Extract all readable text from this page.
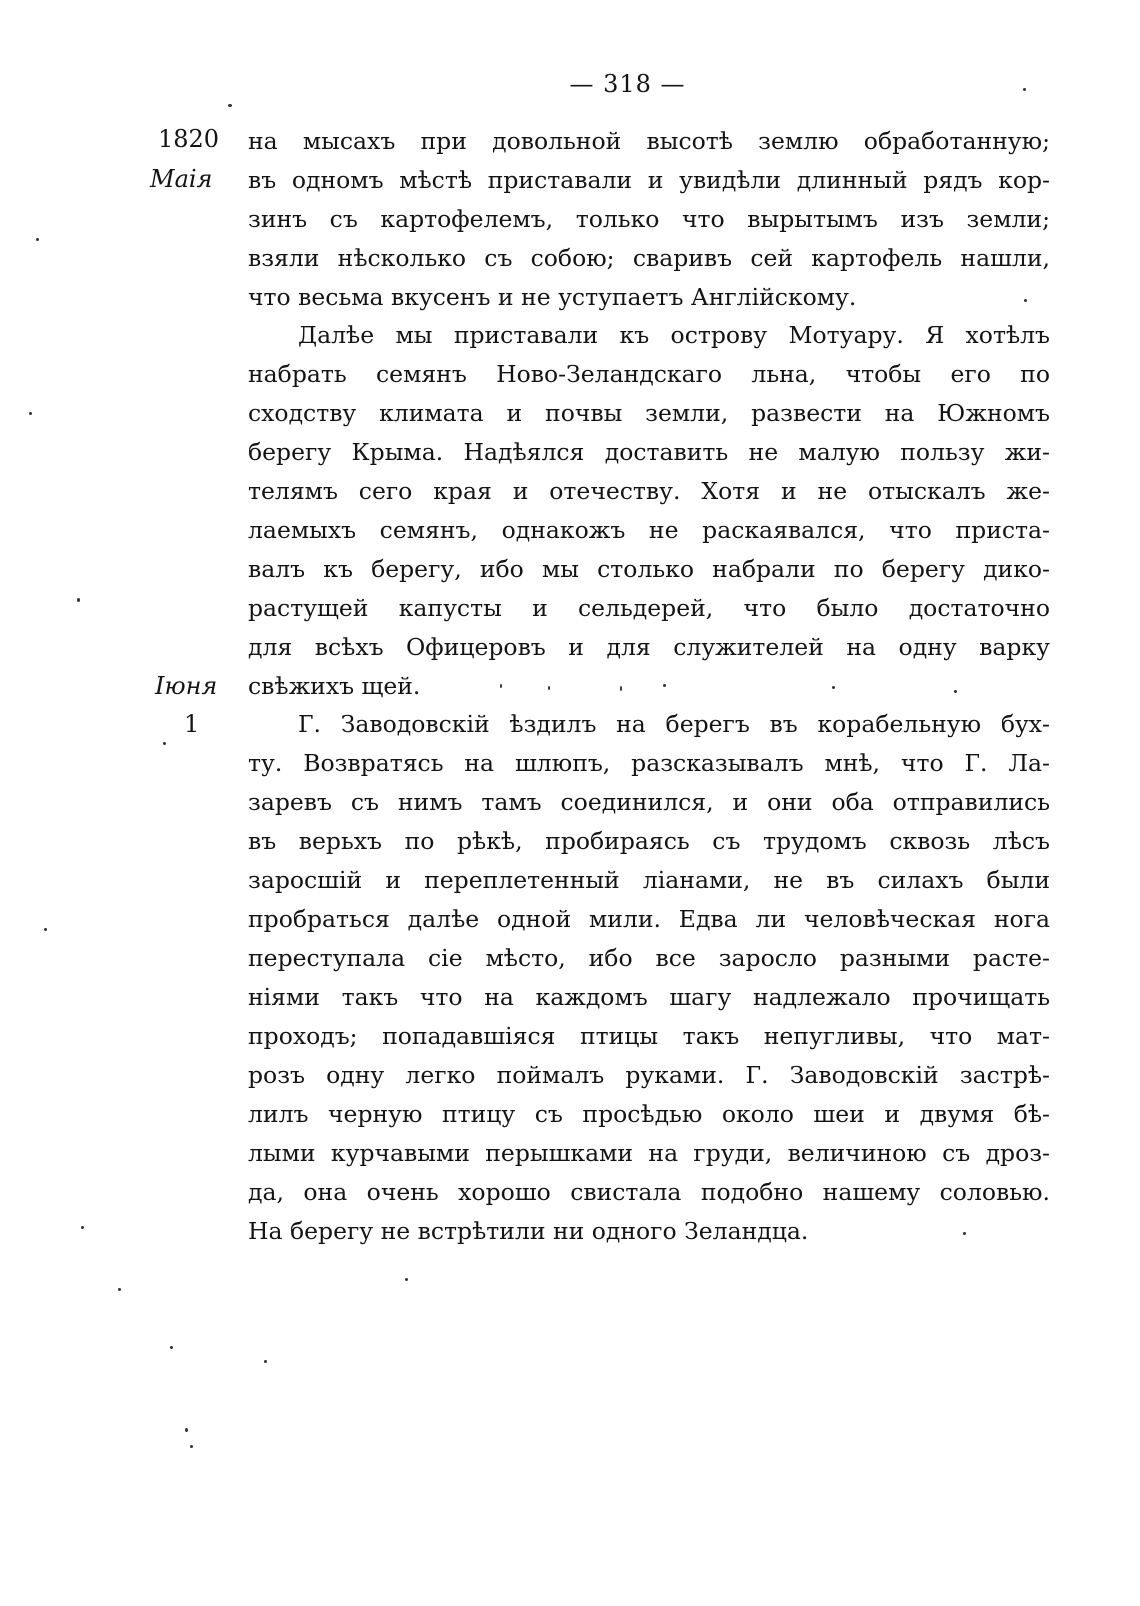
— 318 —
1820
Маія
Іюня
1
на мысахъ при довольной высотѣ землю обработанную;
въ одномъ мѣстѣ приставали и увидѣли длинный рядъ кор-
зинъ съ картофелемъ, только что вырытымъ изъ земли;
взяли нѣсколько съ собою; сваривъ сей картофель нашли,
что весьма вкусенъ и не уступаетъ Англійскому.
Далѣе мы приставали къ острову Мотуару. Я хотѣлъ
набрать семянъ Ново-Зеландскаго льна, чтобы его по
сходству климата и почвы земли, развести на Южномъ
берегу Крыма. Надѣялся доставить не малую пользу жи-
телямъ сего края и отечеству. Хотя и не отыскалъ же-
лаемыхъ семянъ, однакожъ не раскаявался, что пристa-
валъ къ берегу, ибо мы столько набрали по берегу дико-
растущей капусты и сельдерей, что было достаточно
для всѣхъ Офицеровъ и для служителей на одну варку
свѣжихъ щей.
Г. Заводовскій ѣздилъ на берегъ въ корабельную бух-
ту. Возвратясь на шлюпъ, разсказывалъ мнѣ, что Г. Ла-
заревъ съ нимъ тамъ соединился, и они оба отправились
въ верьхъ по рѣкѣ, пробираясь съ трудомъ сквозь лѣсъ
заросшій и переплетенный ліанами, не въ силахъ были
пробраться далѣе одной мили. Едва ли человѣческая нога
переступала сіе мѣсто, ибо все заросло разными расте-
ніями такъ что на каждомъ шагу надлежало прочищать
проходъ; попадавшіяся птицы такъ непугливы, что мат-
розъ одну легко поймалъ руками. Г. Заводовскій застрѣ-
лилъ черную птицу съ просѣдью около шеи и двумя бѣ-
лыми курчавыми перышками на груди, величиною съ дроз-
да, она очень хорошо свистала подобно нашему соловью.
На берегу не встрѣтили ни одного Зеландца.
